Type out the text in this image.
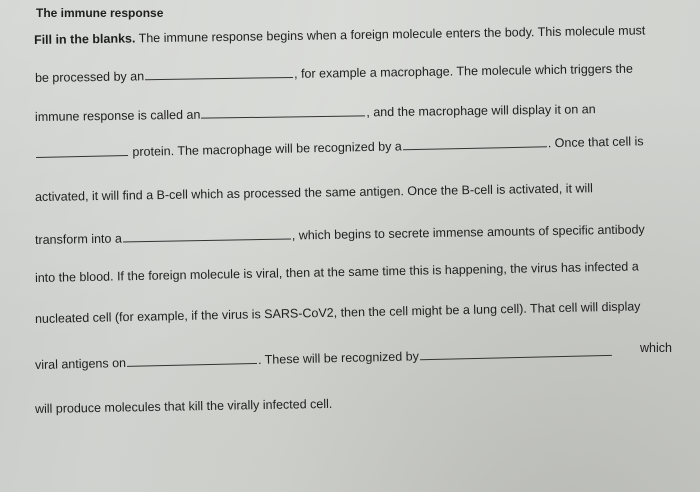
The immune response
Fill in the blanks. The immune response begins when a foreign molecule enters the body. This molecule must
be processed by an	, for example a macrophage. The molecule which triggers the
immune response is called an	, and the macrophage will display it on an
protein. The macrophage will be recognized by a	. Once that cell is
activated, it will find a B-cell which as processed the same antigen. Once the B-cell is activated, it will
transform into a	, which begins to secrete immense amounts of specific antibody
into the blood. If the foreign molecule is viral, then at the same time this is happening, the virus has infected a
nucleated cell (for example, if the virus is SARS-CoV2, then the cell might be a lung cell). That cell will display
which
viral antigens on	. These will be recognized by
will produce molecules that kill the virally infected cell.
